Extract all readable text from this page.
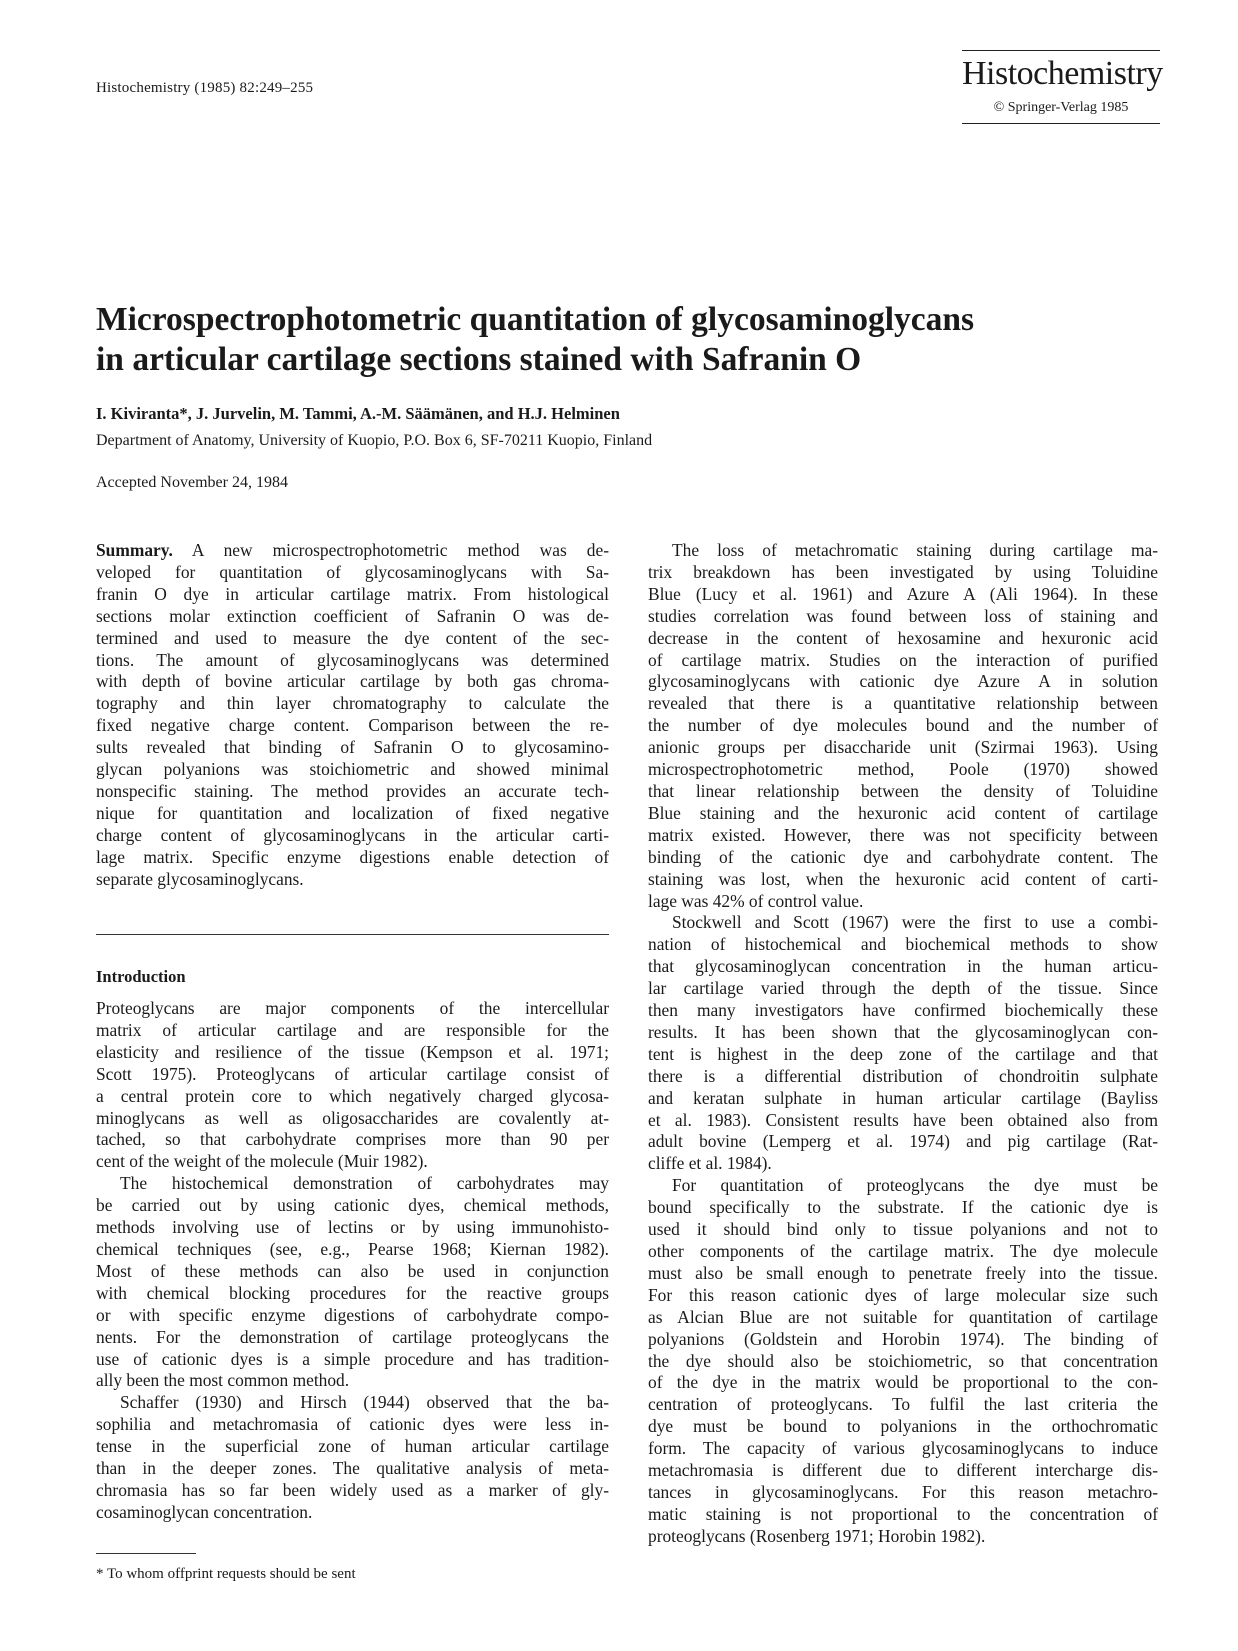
Histochemistry (1985) 82:249–255	Histochemistry
© Springer-Verlag 1985
Microspectrophotometric quantitation of glycosaminoglycans
in articular cartilage sections stained with Safranin O
I. Kiviranta*, J. Jurvelin, M. Tammi, A.-M. Säämänen, and H.J. Helminen
Department of Anatomy, University of Kuopio, P.O. Box 6, SF-70211 Kuopio, Finland
Accepted November 24, 1984
Summary. A new microspectrophotometric method was de-
veloped for quantitation of glycosaminoglycans with Sa-
franin O dye in articular cartilage matrix. From histological
sections molar extinction coefficient of Safranin O was de-
termined and used to measure the dye content of the sec-
tions. The amount of glycosaminoglycans was determined
with depth of bovine articular cartilage by both gas chroma-
tography and thin layer chromatography to calculate the
fixed negative charge content. Comparison between the re-
sults revealed that binding of Safranin O to glycosamino-
glycan polyanions was stoichiometric and showed minimal
nonspecific staining. The method provides an accurate tech-
nique for quantitation and localization of fixed negative
charge content of glycosaminoglycans in the articular carti-
lage matrix. Specific enzyme digestions enable detection of
separate glycosaminoglycans.
Introduction
Proteoglycans are major components of the intercellular
matrix of articular cartilage and are responsible for the
elasticity and resilience of the tissue (Kempson et al. 1971;
Scott 1975). Proteoglycans of articular cartilage consist of
a central protein core to which negatively charged glycosa-
minoglycans as well as oligosaccharides are covalently at-
tached, so that carbohydrate comprises more than 90 per
cent of the weight of the molecule (Muir 1982).
The histochemical demonstration of carbohydrates may
be carried out by using cationic dyes, chemical methods,
methods involving use of lectins or by using immunohisto-
chemical techniques (see, e.g., Pearse 1968; Kiernan 1982).
Most of these methods can also be used in conjunction
with chemical blocking procedures for the reactive groups
or with specific enzyme digestions of carbohydrate compo-
nents. For the demonstration of cartilage proteoglycans the
use of cationic dyes is a simple procedure and has tradition-
ally been the most common method.
Schaffer (1930) and Hirsch (1944) observed that the ba-
sophilia and metachromasia of cationic dyes were less in-
tense in the superficial zone of human articular cartilage
than in the deeper zones. The qualitative analysis of meta-
chromasia has so far been widely used as a marker of gly-
cosaminoglycan concentration.
The loss of metachromatic staining during cartilage ma-
trix breakdown has been investigated by using Toluidine
Blue (Lucy et al. 1961) and Azure A (Ali 1964). In these
studies correlation was found between loss of staining and
decrease in the content of hexosamine and hexuronic acid
of cartilage matrix. Studies on the interaction of purified
glycosaminoglycans with cationic dye Azure A in solution
revealed that there is a quantitative relationship between
the number of dye molecules bound and the number of
anionic groups per disaccharide unit (Szirmai 1963). Using
microspectrophotometric method, Poole (1970) showed
that linear relationship between the density of Toluidine
Blue staining and the hexuronic acid content of cartilage
matrix existed. However, there was not specificity between
binding of the cationic dye and carbohydrate content. The
staining was lost, when the hexuronic acid content of carti-
lage was 42% of control value.
Stockwell and Scott (1967) were the first to use a combi-
nation of histochemical and biochemical methods to show
that glycosaminoglycan concentration in the human articu-
lar cartilage varied through the depth of the tissue. Since
then many investigators have confirmed biochemically these
results. It has been shown that the glycosaminoglycan con-
tent is highest in the deep zone of the cartilage and that
there is a differential distribution of chondroitin sulphate
and keratan sulphate in human articular cartilage (Bayliss
et al. 1983). Consistent results have been obtained also from
adult bovine (Lemperg et al. 1974) and pig cartilage (Rat-
cliffe et al. 1984).
For quantitation of proteoglycans the dye must be
bound specifically to the substrate. If the cationic dye is
used it should bind only to tissue polyanions and not to
other components of the cartilage matrix. The dye molecule
must also be small enough to penetrate freely into the tissue.
For this reason cationic dyes of large molecular size such
as Alcian Blue are not suitable for quantitation of cartilage
polyanions (Goldstein and Horobin 1974). The binding of
the dye should also be stoichiometric, so that concentration
of the dye in the matrix would be proportional to the con-
centration of proteoglycans. To fulfil the last criteria the
dye must be bound to polyanions in the orthochromatic
form. The capacity of various glycosaminoglycans to induce
metachromasia is different due to different intercharge dis-
tances in glycosaminoglycans. For this reason metachro-
matic staining is not proportional to the concentration of
proteoglycans (Rosenberg 1971; Horobin 1982).
* To whom offprint requests should be sent
